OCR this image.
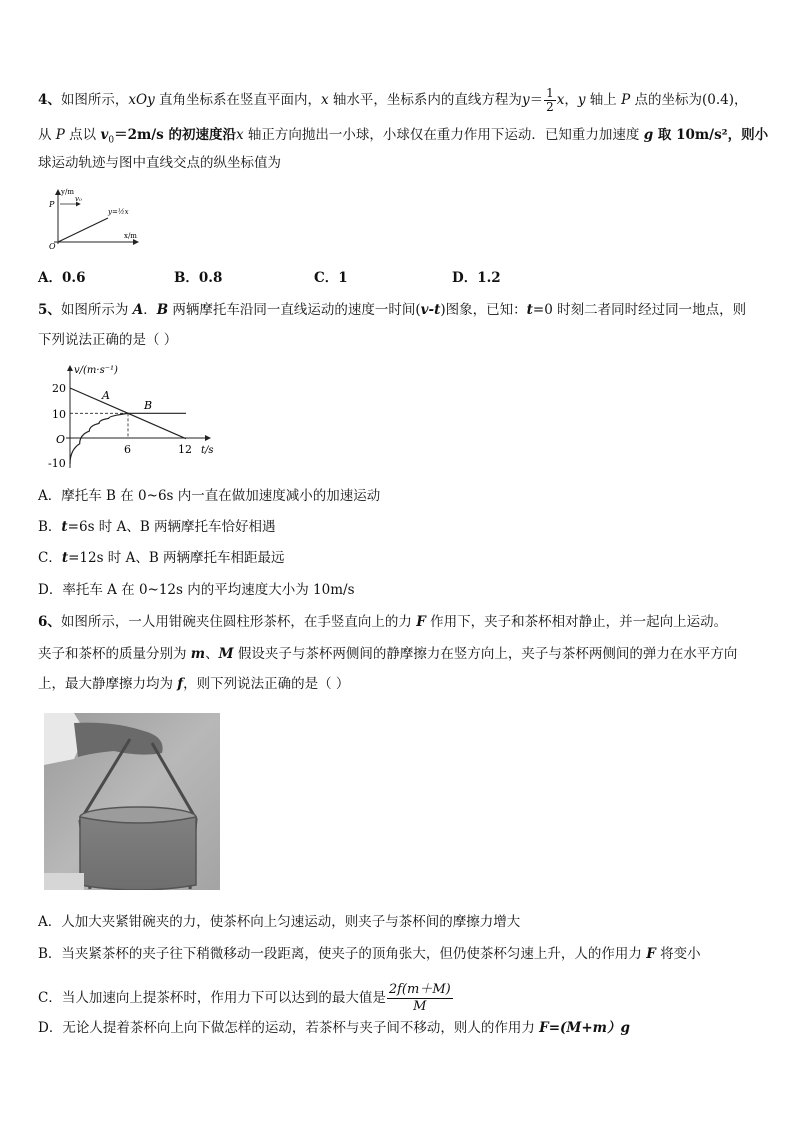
4、如图所示，xOy 直角坐标系在竖直平面内，x 轴水平，坐标系内的直线方程为$y= \frac{1}{2}$ x，y 轴上 P 点的坐标为(0.4)，
从 P 点以 $v_0=2m/s$ 的初速度沿x 轴正方向抛出一小球，小球仅在重力作用下运动．已知重力加速度 g 取 10m/s²，则小
球运动轨迹与图中直线交点的纵坐标值为
y/m
P
v₀
y=½x
x/m
O
A．0.6	B．0.8	C．1	D．1.2
5、如图所示为 A．B 两辆摩托车沿同一直线运动的速度一时间(v-t)图象，已知：t=0 时刻二者同时经过同一地点，则
下列说法正确的是（ ）
v/(m·s⁻¹)
t/s
20
10
O
-10
6	12
A
B
A．摩托车 B 在 0~6s 内一直在做加速度减小的加速运动
B．t=6s 时 A、B 两辆摩托车恰好相遇
C．t=12s 时 A、B 两辆摩托车相距最远
D．率托车 A 在 0~12s 内的平均速度大小为 10m/s
6、如图所示，一人用钳碗夹住圆柱形茶杯，在手竖直向上的力 F 作用下，夹子和茶杯相对静止，并一起向上运动。
夹子和茶杯的质量分别为 m、M 假设夹子与茶杯两侧间的静摩擦力在竖方向上，夹子与茶杯两侧间的弹力在水平方向
上，最大静摩擦力均为 f，则下列说法正确的是（ ）
A．人加大夹紧钳碗夹的力，使茶杯向上匀速运动，则夹子与茶杯间的摩擦力增大
B．当夹紧茶杯的夹子往下稍微移动一段距离，使夹子的顶角张大，但仍使茶杯匀速上升，人的作用力 F 将变小
C．当人加速向上提茶杯时，作用力下可以达到的最大值是 $\frac{2f(m+M)}{M}$
D．无论人提着茶杯向上向下做怎样的运动，若茶杯与夹子间不移动，则人的作用力 F=(M+m）g
